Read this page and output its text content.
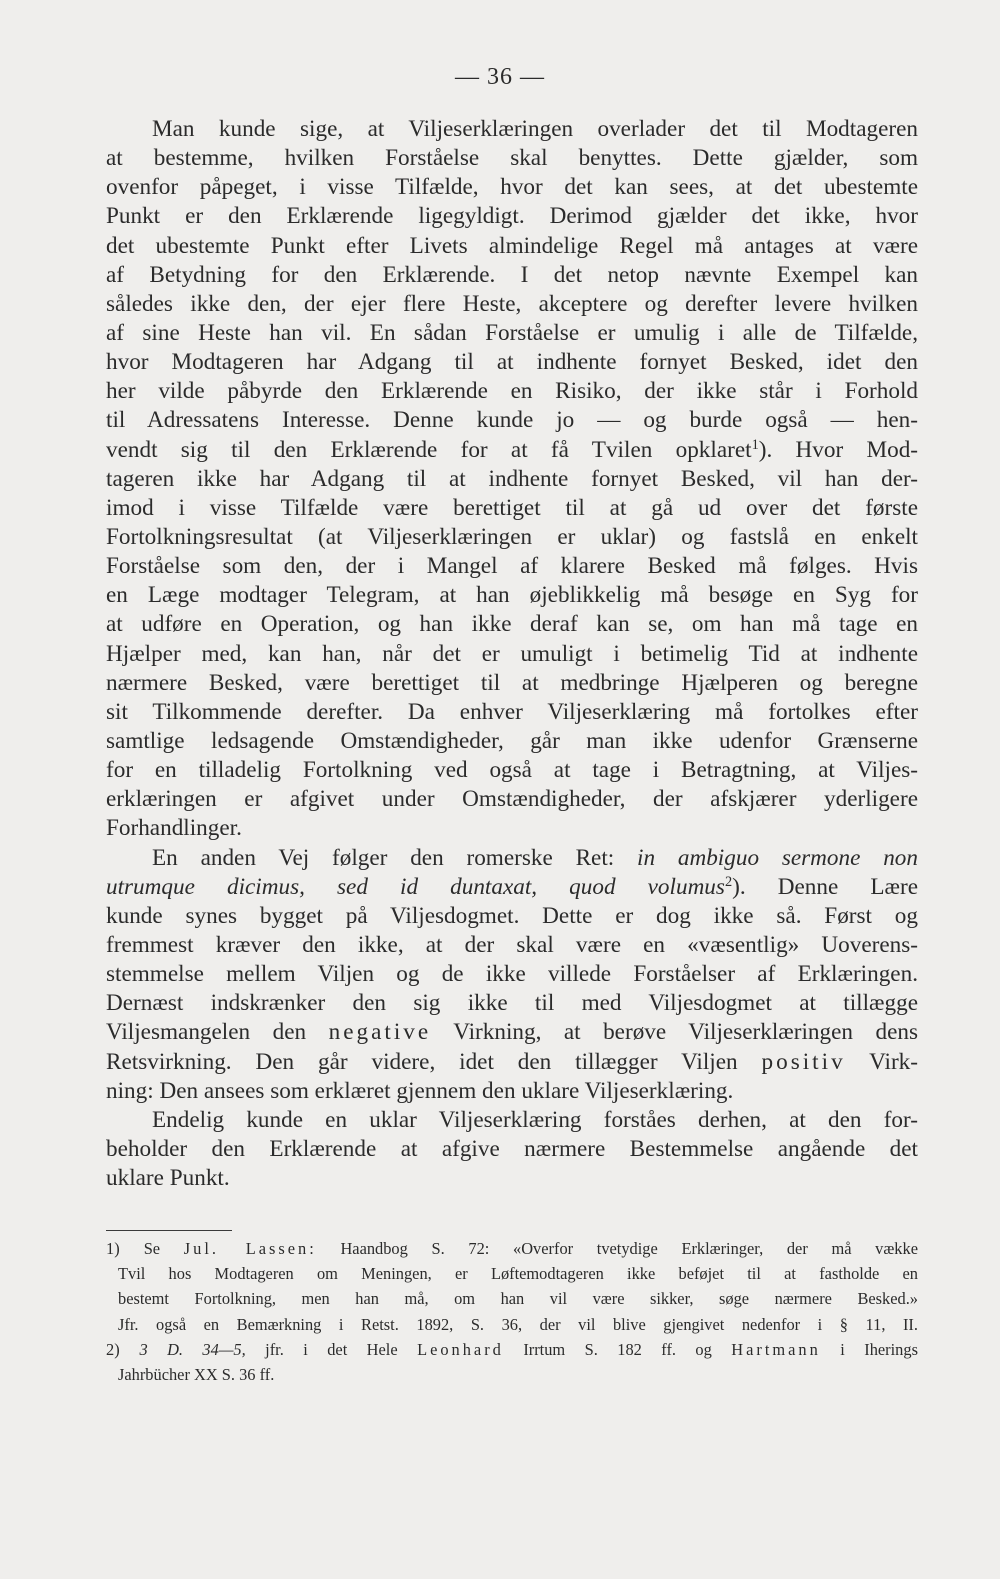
— 36 —
Man kunde sige, at Viljeserklæringen overlader det til Modtageren
at bestemme, hvilken Forståelse skal benyttes. Dette gjælder, som
ovenfor påpeget, i visse Tilfælde, hvor det kan sees, at det ubestemte
Punkt er den Erklærende ligegyldigt. Derimod gjælder det ikke, hvor
det ubestemte Punkt efter Livets almindelige Regel må antages at være
af Betydning for den Erklærende. I det netop nævnte Exempel kan
således ikke den, der ejer flere Heste, akceptere og derefter levere hvilken
af sine Heste han vil. En sådan Forståelse er umulig i alle de Tilfælde,
hvor Modtageren har Adgang til at indhente fornyet Besked, idet den
her vilde påbyrde den Erklærende en Risiko, der ikke står i Forhold
til Adressatens Interesse. Denne kunde jo — og burde også — hen-
vendt sig til den Erklærende for at få Tvilen opklaret$^1$). Hvor Mod-
tageren ikke har Adgang til at indhente fornyet Besked, vil han der-
imod i visse Tilfælde være berettiget til at gå ud over det første
Fortolkningsresultat (at Viljeserklæringen er uklar) og fastslå en enkelt
Forståelse som den, der i Mangel af klarere Besked må følges. Hvis
en Læge modtager Telegram, at han øjeblikkelig må besøge en Syg for
at udføre en Operation, og han ikke deraf kan se, om han må tage en
Hjælper med, kan han, når det er umuligt i betimelig Tid at indhente
nærmere Besked, være berettiget til at medbringe Hjælperen og beregne
sit Tilkommende derefter. Da enhver Viljeserklæring må fortolkes efter
samtlige ledsagende Omstændigheder, går man ikke udenfor Grænserne
for en tilladelig Fortolkning ved også at tage i Betragtning, at Viljes-
erklæringen er afgivet under Omstændigheder, der afskjærer yderligere
Forhandlinger.
En anden Vej følger den romerske Ret: in ambiguo sermone non
utrumque dicimus, sed id duntaxat, quod volumus$^2$). Denne Lære
kunde synes bygget på Viljesdogmet. Dette er dog ikke så. Først og
fremmest kræver den ikke, at der skal være en «væsentlig» Uoverens-
stemmelse mellem Viljen og de ikke villede Forståelser af Erklæringen.
Dernæst indskrænker den sig ikke til med Viljesdogmet at tillægge
Viljesmangelen den negative Virkning, at berøve Viljeserklæringen dens
Retsvirkning. Den går videre, idet den tillægger Viljen positiv Virk-
ning: Den ansees som erklæret gjennem den uklare Viljeserklæring.
Endelig kunde en uklar Viljeserklæring forståes derhen, at den for-
beholder den Erklærende at afgive nærmere Bestemmelse angående det
uklare Punkt.
1) Se Jul. Lassen: Haandbog S. 72: «Overfor tvetydige Erklæringer, der må vække
Tvil hos Modtageren om Meningen, er Løftemodtageren ikke beføjet til at fastholde en
bestemt Fortolkning, men han må, om han vil være sikker, søge nærmere Besked.»
Jfr. også en Bemærkning i Retst. 1892, S. 36, der vil blive gjengivet nedenfor i § 11, II.
2) 3 D. 34—5, jfr. i det Hele Leonhard Irrtum S. 182 ff. og Hartmann i Iherings
Jahrbücher XX S. 36 ff.
